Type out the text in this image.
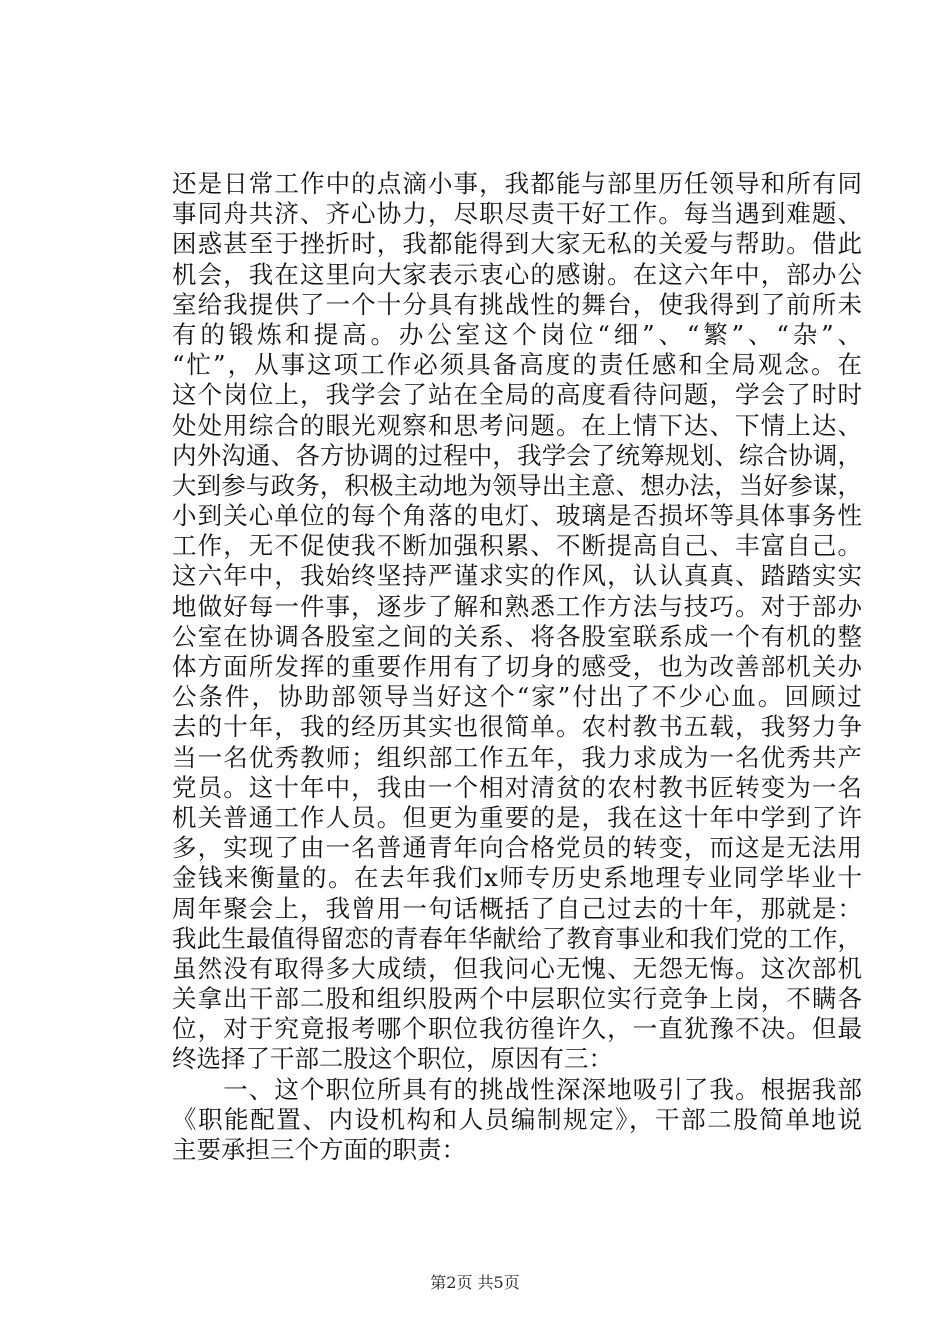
还是日常工作中的点滴小事，我都能与部里历任领导和所有同
事同舟共济、齐心协力，尽职尽责干好工作。每当遇到难题、
困惑甚至于挫折时，我都能得到大家无私的关爱与帮助。借此
机会，我在这里向大家表示衷心的感谢。在这六年中，部办公
室给我提供了一个十分具有挑战性的舞台，使我得到了前所未
有的锻炼和提高。办公室这个岗位“细”、“繁”、“杂”、
“忙”，从事这项工作必须具备高度的责任感和全局观念。在
这个岗位上，我学会了站在全局的高度看待问题，学会了时时
处处用综合的眼光观察和思考问题。在上情下达、下情上达、
内外沟通、各方协调的过程中，我学会了统筹规划、综合协调，
大到参与政务，积极主动地为领导出主意、想办法，当好参谋，
小到关心单位的每个角落的电灯、玻璃是否损坏等具体事务性
工作，无不促使我不断加强积累、不断提高自己、丰富自己。
这六年中，我始终坚持严谨求实的作风，认认真真、踏踏实实
地做好每一件事，逐步了解和熟悉工作方法与技巧。对于部办
公室在协调各股室之间的关系、将各股室联系成一个有机的整
体方面所发挥的重要作用有了切身的感受，也为改善部机关办
公条件，协助部领导当好这个“家”付出了不少心血。回顾过
去的十年，我的经历其实也很简单。农村教书五载，我努力争
当一名优秀教师；组织部工作五年，我力求成为一名优秀共产
党员。这十年中，我由一个相对清贫的农村教书匠转变为一名
机关普通工作人员。但更为重要的是，我在这十年中学到了许
多，实现了由一名普通青年向合格党员的转变，而这是无法用
金钱来衡量的。在去年我们x师专历史系地理专业同学毕业十
周年聚会上，我曾用一句话概括了自己过去的十年，那就是：
我此生最值得留恋的青春年华献给了教育事业和我们党的工作，
虽然没有取得多大成绩，但我问心无愧、无怨无悔。这次部机
关拿出干部二股和组织股两个中层职位实行竞争上岗，不瞒各
位，对于究竟报考哪个职位我彷徨许久，一直犹豫不决。但最
终选择了干部二股这个职位，原因有三：
　　一、这个职位所具有的挑战性深深地吸引了我。根据我部
《职能配置、内设机构和人员编制规定》，干部二股简单地说
主要承担三个方面的职责：
第2页 共5页
